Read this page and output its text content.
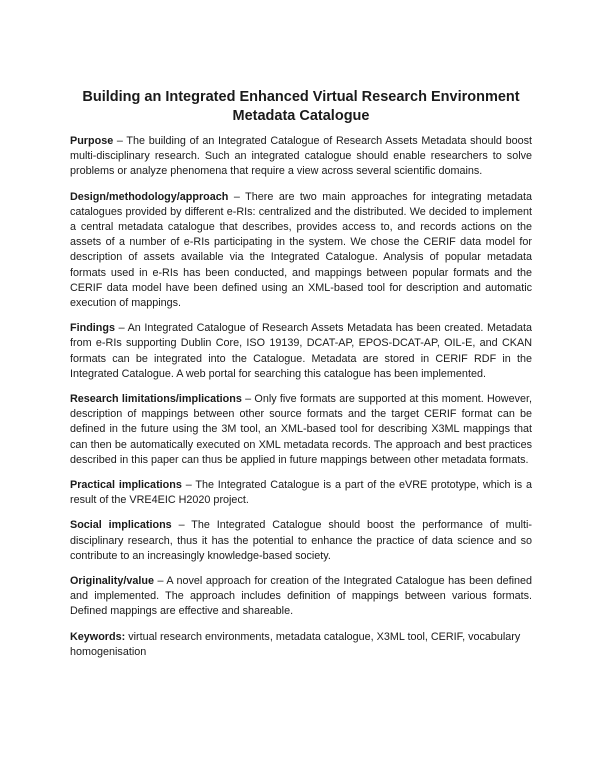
Building an Integrated Enhanced Virtual Research Environment
Metadata Catalogue

Purpose – The building of an Integrated Catalogue of Research Assets Metadata should boost multi-disciplinary research. Such an integrated catalogue should enable researchers to solve problems or analyze phenomena that require a view across several scientific domains.

Design/methodology/approach – There are two main approaches for integrating metadata catalogues provided by different e-RIs: centralized and the distributed. We decided to implement a central metadata catalogue that describes, provides access to, and records actions on the assets of a number of e-RIs participating in the system. We chose the CERIF data model for description of assets available via the Integrated Catalogue. Analysis of popular metadata formats used in e-RIs has been conducted, and mappings between popular formats and the CERIF data model have been defined using an XML-based tool for description and automatic execution of mappings.

Findings – An Integrated Catalogue of Research Assets Metadata has been created. Metadata from e-RIs supporting Dublin Core, ISO 19139, DCAT-AP, EPOS-DCAT-AP, OIL-E, and CKAN formats can be integrated into the Catalogue. Metadata are stored in CERIF RDF in the Integrated Catalogue. A web portal for searching this catalogue has been implemented.

Research limitations/implications – Only five formats are supported at this moment. However, description of mappings between other source formats and the target CERIF format can be defined in the future using the 3M tool, an XML-based tool for describing X3ML mappings that can then be automatically executed on XML metadata records. The approach and best practices described in this paper can thus be applied in future mappings between other metadata formats.

Practical implications – The Integrated Catalogue is a part of the eVRE prototype, which is a result of the VRE4EIC H2020 project.

Social implications – The Integrated Catalogue should boost the performance of multi-disciplinary research, thus it has the potential to enhance the practice of data science and so contribute to an increasingly knowledge-based society.

Originality/value – A novel approach for creation of the Integrated Catalogue has been defined and implemented. The approach includes definition of mappings between various formats. Defined mappings are effective and shareable.

Keywords: virtual research environments, metadata catalogue, X3ML tool, CERIF, vocabulary homogenisation
